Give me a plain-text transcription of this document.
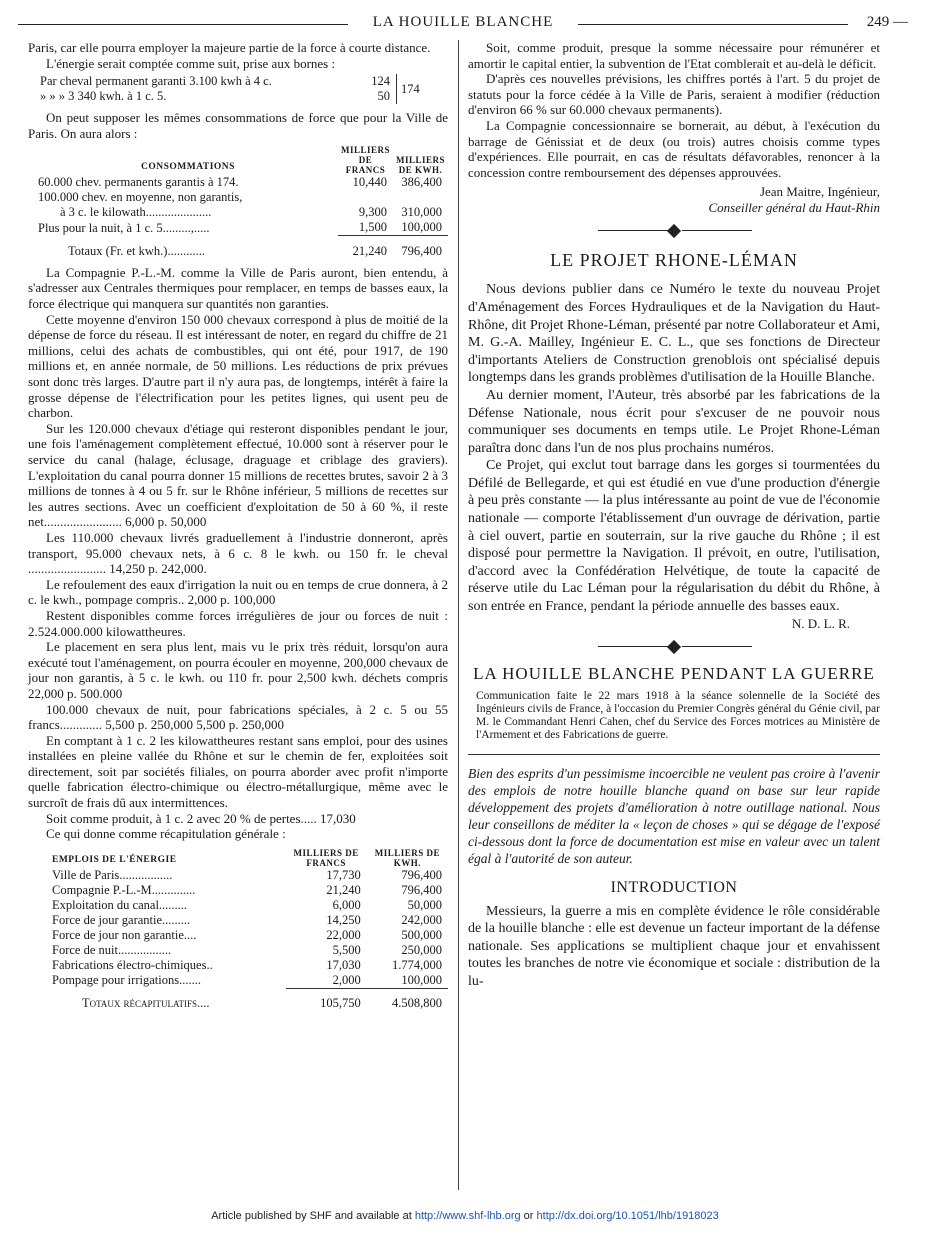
LA HOUILLE BLANCHE	249 —

Paris, car elle pourra employer la majeure partie de la force à courte distance.

L'énergie serait comptée comme suit, prise aux bornes :

Par cheval permanent garanti 3.100 kwh à 4 c.	124	174
» » » 3 340 kwh. à 1 c. 5.	50	

On peut supposer les mêmes consommations de force que pour la Ville de Paris. On aura alors :

CONSOMMATIONS	MILLIERS DE FRANCS	MILLIERS DE KWH.
60.000 chev. permanents garantis à 174.	10,440	386,400
100.000 chev. en moyenne, non garantis,		
à 3 c. le kilowath.....................	9,300	310,000
Plus pour la nuit, à 1 c. 5.........,.....	1,500	100,000

Totaux (Fr. et kwh.)............	21,240	796,400

La Compagnie P.-L.-M. comme la Ville de Paris auront, bien entendu, à s'adresser aux Centrales thermiques pour remplacer, en temps de basses eaux, la force électrique qui manquera sur quantités non garanties.

Cette moyenne d'environ 150 000 chevaux correspond à plus de moitié de la dépense de force du réseau. Il est intéressant de noter, en regard du chiffre de 21 millions, celui des achats de combustibles, qui ont été, pour 1917, de 190 millions et, en année normale, de 50 millions. Les réductions de prix prévues sont donc très larges. D'autre part il n'y aura pas, de longtemps, intérêt à faire la grosse dépense de l'électrification pour les petites lignes, qui usent peu de charbon.

Sur les 120.000 chevaux d'étiage qui resteront disponibles pendant le jour, une fois l'aménagement complètement effectué, 10.000 sont à réserver pour le service du canal (halage, éclusage, draguage et criblage des graviers). L'exploitation du canal pourra donner 15 millions de recettes brutes, savoir 2 à 3 millions de tonnes à 4 ou 5 fr. sur le Rhône inférieur, 5 millions de recettes sur les autres sections. Avec un coefficient d'exploitation de 50 à 60 %, il reste net........................ 6,000 p. 50,000

Les 110.000 chevaux livrés graduellement à l'industrie donneront, après transport, 95.000 chevaux nets, à 6 c. 8 le kwh. ou 150 fr. le cheval ........................ 14,250 p. 242,000.

Le refoulement des eaux d'irrigation la nuit ou en temps de crue donnera, à 2 c. le kwh., pompage compris.. 2,000 p. 100,000

Restent disponibles comme forces irrégulières de jour ou forces de nuit : 2.524.000.000 kilowattheures.

Le placement en sera plus lent, mais vu le prix très réduit, lorsqu'on aura exécuté tout l'aménagement, on pourra écouler en moyenne, 200,000 chevaux de jour non garantis, à 5 c. le kwh. ou 110 fr. pour 2,500 kwh. déchets compris 22,000 p. 500.000

100.000 chevaux de nuit, pour fabrications spéciales, à 2 c. 5 ou 55 francs............. 5,500 p. 250,000 5,500 p. 250,000

En comptant à 1 c. 2 les kilowattheures restant sans emploi, pour des usines installées en pleine vallée du Rhône et sur le chemin de fer, exploitées soit directement, soit par sociétés filiales, on pourra aborder avec profit n'importe quelle fabrication électro-chimique ou électro-métallurgique, même avec le surcroît de frais dû aux intermittences.

Soit comme produit, à 1 c. 2 avec 20 % de pertes..... 17,030

Ce qui donne comme récapitulation générale :

EMPLOIS DE L'ÉNERGIE	MILLIERS DE FRANCS	MILLIERS DE KWH.
Ville de Paris.................	17,730	796,400
Compagnie P.-L.-M..............	21,240	796,400
Exploitation du canal.........	6,000	50,000
Force de jour garantie.........	14,250	242,000
Force de jour non garantie....	22,000	500,000
Force de nuit.................	5,500	250,000
Fabrications électro-chimiques..	17,030	1.774,000
Pompage pour irrigations.......	2,000	100,000

Totaux récapitulatifs....	105,750	4.508,800

Soit, comme produit, presque la somme nécessaire pour rémunérer et amortir le capital entier, la subvention de l'Etat comblerait et au-delà le déficit.

D'après ces nouvelles prévisions, les chiffres portés à l'art. 5 du projet de statuts pour la force cédée à la Ville de Paris, seraient à modifier (réduction d'environ 66 % sur 60.000 chevaux permanents).

La Compagnie concessionnaire se bornerait, au début, à l'exécution du barrage de Génissiat et de deux (ou trois) autres choisis comme types d'expériences. Elle pourrait, en cas de résultats défavorables, renoncer à la concession contre remboursement des dépenses approuvées.

Jean Maitre, Ingénieur,
Conseiller général du Haut-Rhin
LE PROJET RHONE-LÉMAN

Nous devions publier dans ce Numéro le texte du nouveau Projet d'Aménagement des Forces Hydrauliques et de la Navigation du Haut-Rhône, dit Projet Rhone-Léman, présenté par notre Collaborateur et Ami, M. G.-A. Mailley, Ingénieur E. C. L., que ses fonctions de Directeur d'importants Ateliers de Construction grenoblois ont spécialisé depuis longtemps dans les grands problèmes d'utilisation de la Houille Blanche.

Au dernier moment, l'Auteur, très absorbé par les fabrications de la Défense Nationale, nous écrit pour s'excuser de ne pouvoir nous communiquer ses documents en temps utile. Le Projet Rhone-Léman paraîtra donc dans l'un de nos plus prochains numéros.

Ce Projet, qui exclut tout barrage dans les gorges si tourmentées du Défilé de Bellegarde, et qui est étudié en vue d'une production d'énergie à peu près constante — la plus intéressante au point de vue de l'économie nationale — comporte l'établissement d'un ouvrage de dérivation, partie à ciel ouvert, partie en souterrain, sur la rive gauche du Rhône ; il est disposé pour permettre la Navigation. Il prévoit, en outre, l'utilisation, d'accord avec la Confédération Helvétique, de toute la capacité de réserve utile du Lac Léman pour la régularisation du débit du Rhône, à son entrée en France, pendant la période annuelle des basses eaux.

N. D. L. R.
LA HOUILLE BLANCHE PENDANT LA GUERRE

Communication faite le 22 mars 1918 à la séance solennelle de la Société des Ingénieurs civils de France, à l'occasion du Premier Congrès général du Génie civil, par M. le Commandant Henri Cahen, chef du Service des Forces motrices au Ministère de l'Armement et des Fabrications de guerre.

Bien des esprits d'un pessimisme incoercible ne veulent pas croire à l'avenir des emplois de notre houille blanche quand on base sur leur rapide développement des projets d'amélioration à notre outillage national. Nous leur conseillons de méditer la « leçon de choses » qui se dégage de l'exposé ci-dessous dont la force de documentation est mise en valeur avec un talent égal à l'autorité de son auteur.

INTRODUCTION

Messieurs, la guerre a mis en complète évidence le rôle considérable de la houille blanche : elle est devenue un facteur important de la défense nationale. Ses applications se multiplient chaque jour et envahissent toutes les branches de notre vie économique et sociale : distribution de la lu-

Article published by SHF and available at http://www.shf-lhb.org or http://dx.doi.org/10.1051/lhb/1918023
